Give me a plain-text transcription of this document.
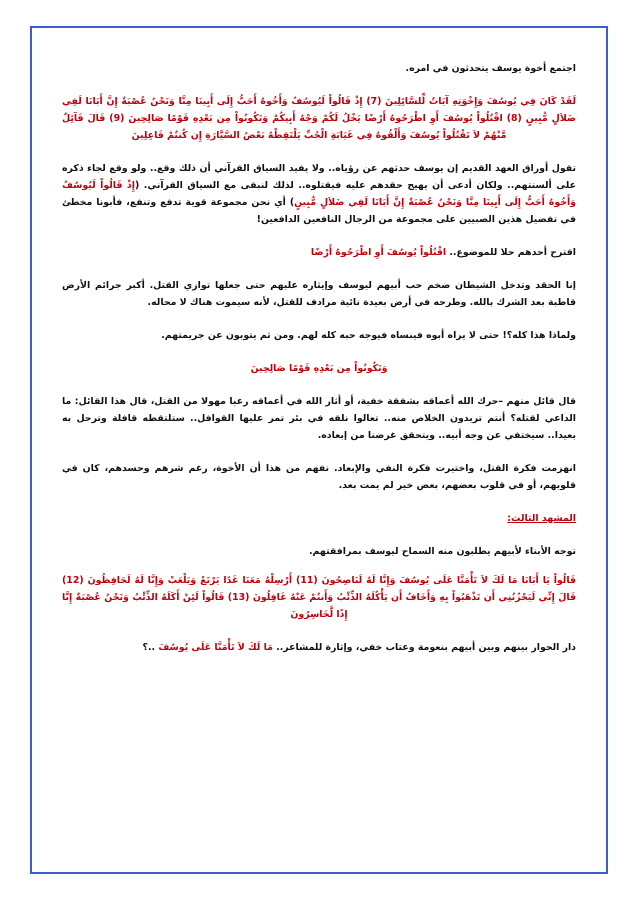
اجتمع أخوة يوسف يتحدثون في امره.

لَقَدْ كَانَ فِي يُوسُفَ وَإِخْوَتِهِ آيَاتٌ لِّلسَّائِلِينَ (7) إِذْ قَالُواْ لَيُوسُفُ وَأَخُوهُ أَحَبُّ إِلَى أَبِينَا مِنَّا وَنَحْنُ عُصْبَةٌ إِنَّ أَبَانَا لَفِي ضَلاَلٍ مُّبِينٍ (8) اقْتُلُواْ يُوسُفَ أَوِ اطْرَحُوهُ أَرْضًا يَخْلُ لَكُمْ وَجْهُ أَبِيكُمْ وَتَكُونُواْ مِن بَعْدِهِ قَوْمًا صَالِحِينَ (9) قَالَ قَآئِلٌ مَّنْهُمْ لاَ تَقْتُلُواْ يُوسُفَ وَأَلْقُوهُ فِي غَيَابَةِ الْجُبِّ يَلْتَقِطْهُ بَعْضُ السَّيَّارَةِ إِن كُنتُمْ فَاعِلِينَ

تقول أوراق العهد القديم إن يوسف حدثهم عن رؤياه.. ولا يفيد السياق القرآني أن ذلك وقع.. ولو وقع لجاء ذكره على ألسنتهم.. ولكان أدعى أن يهيج حقدهم عليه فيقتلوه.. لذلك لنبقى مع السياق القرآني. (إِذْ قَالُواْ لَيُوسُفُ وَأَخُوهُ أَحَبُّ إِلَى أَبِينَا مِنَّا وَنَحْنُ عُصْبَةٌ إِنَّ أَبَانَا لَفِي ضَلاَلٍ مُّبِينٍ) أي نحن مجموعة قوية تدفع وتنفع، فأبونا مخطئ في تفضيل هذين الصبيين على مجموعة من الرجال النافعين الدافعين!

اقترح أحدهم حلا للموضوع.. اقْتُلُواْ يُوسُفَ أَوِ اطْرَحُوهُ أَرْضًا

إنا الحقد وتدخل الشيطان ضخم حب أبيهم ليوسف وإيثاره عليهم حتى جعلها توازي القتل. أكبر جرائم الأرض قاطبة بعد الشرك بالله. وطرحه في أرض بعيدة نائية مرادف للقتل، لأنه سيموت هناك لا محاله.

ولماذا هذا كله؟! حتى لا يراه أبوه فينساه فيوجه حبه كله لهم. ومن ثم يتوبون عن جريمتهم.

وَتَكُونُواْ مِن بَعْدِهِ قَوْمًا صَالِحِينَ

قال قائل منهم –حرك الله أعماقه بشفقة خفية، أو أثار الله في أعماقه رعبا مهولا من القتل، قال هذا القائل: ما الداعي لقتله؟ أنتم تريدون الخلاص منه.. تعالوا نلقه في بئر تمر عليها القوافل.. ستلتقطه قافلة وترحل به بعيدا.. سيختفي عن وجه أبيه.. ويتحقق غرضنا من إبعاده.

انهزمت فكرة القتل، واختيرت فكرة النفي والإبعاد. نفهم من هذا أن الأخوة، رغم شرهم وحسدهم، كان في قلوبهم، أو في قلوب بعضهم، بعض خير لم يمت بعد.

المشهد الثالث:

توجه الأبناء لأبيهم يطلبون منه السماح ليوسف بمرافقتهم.

قَالُواْ يَا أَبَانَا مَا لَكَ لاَ تَأْمَنَّا عَلَى يُوسُفَ وَإِنَّا لَهُ لَنَاصِحُونَ (11) أَرْسِلْهُ مَعَنَا غَدًا يَرْتَعْ وَيَلْعَبْ وَإِنَّا لَهُ لَحَافِظُونَ (12) قَالَ إِنِّي لَيَحْزُنُنِي أَن تَذْهَبُواْ بِهِ وَأَخَافُ أَن يَأْكُلَهُ الذِّئْبُ وَأَنتُمْ عَنْهُ غَافِلُونَ (13) قَالُواْ لَئِنْ أَكَلَهُ الذِّئْبُ وَنَحْنُ عُصْبَةٌ إِنَّا إِذًا لَّخَاسِرُونَ

دار الحوار بينهم وبين أبيهم بنعومة وعتاب خفي، وإثارة للمشاعر.. مَا لَكَ لاَ تَأْمَنَّا عَلَى يُوسُفَ ..؟
